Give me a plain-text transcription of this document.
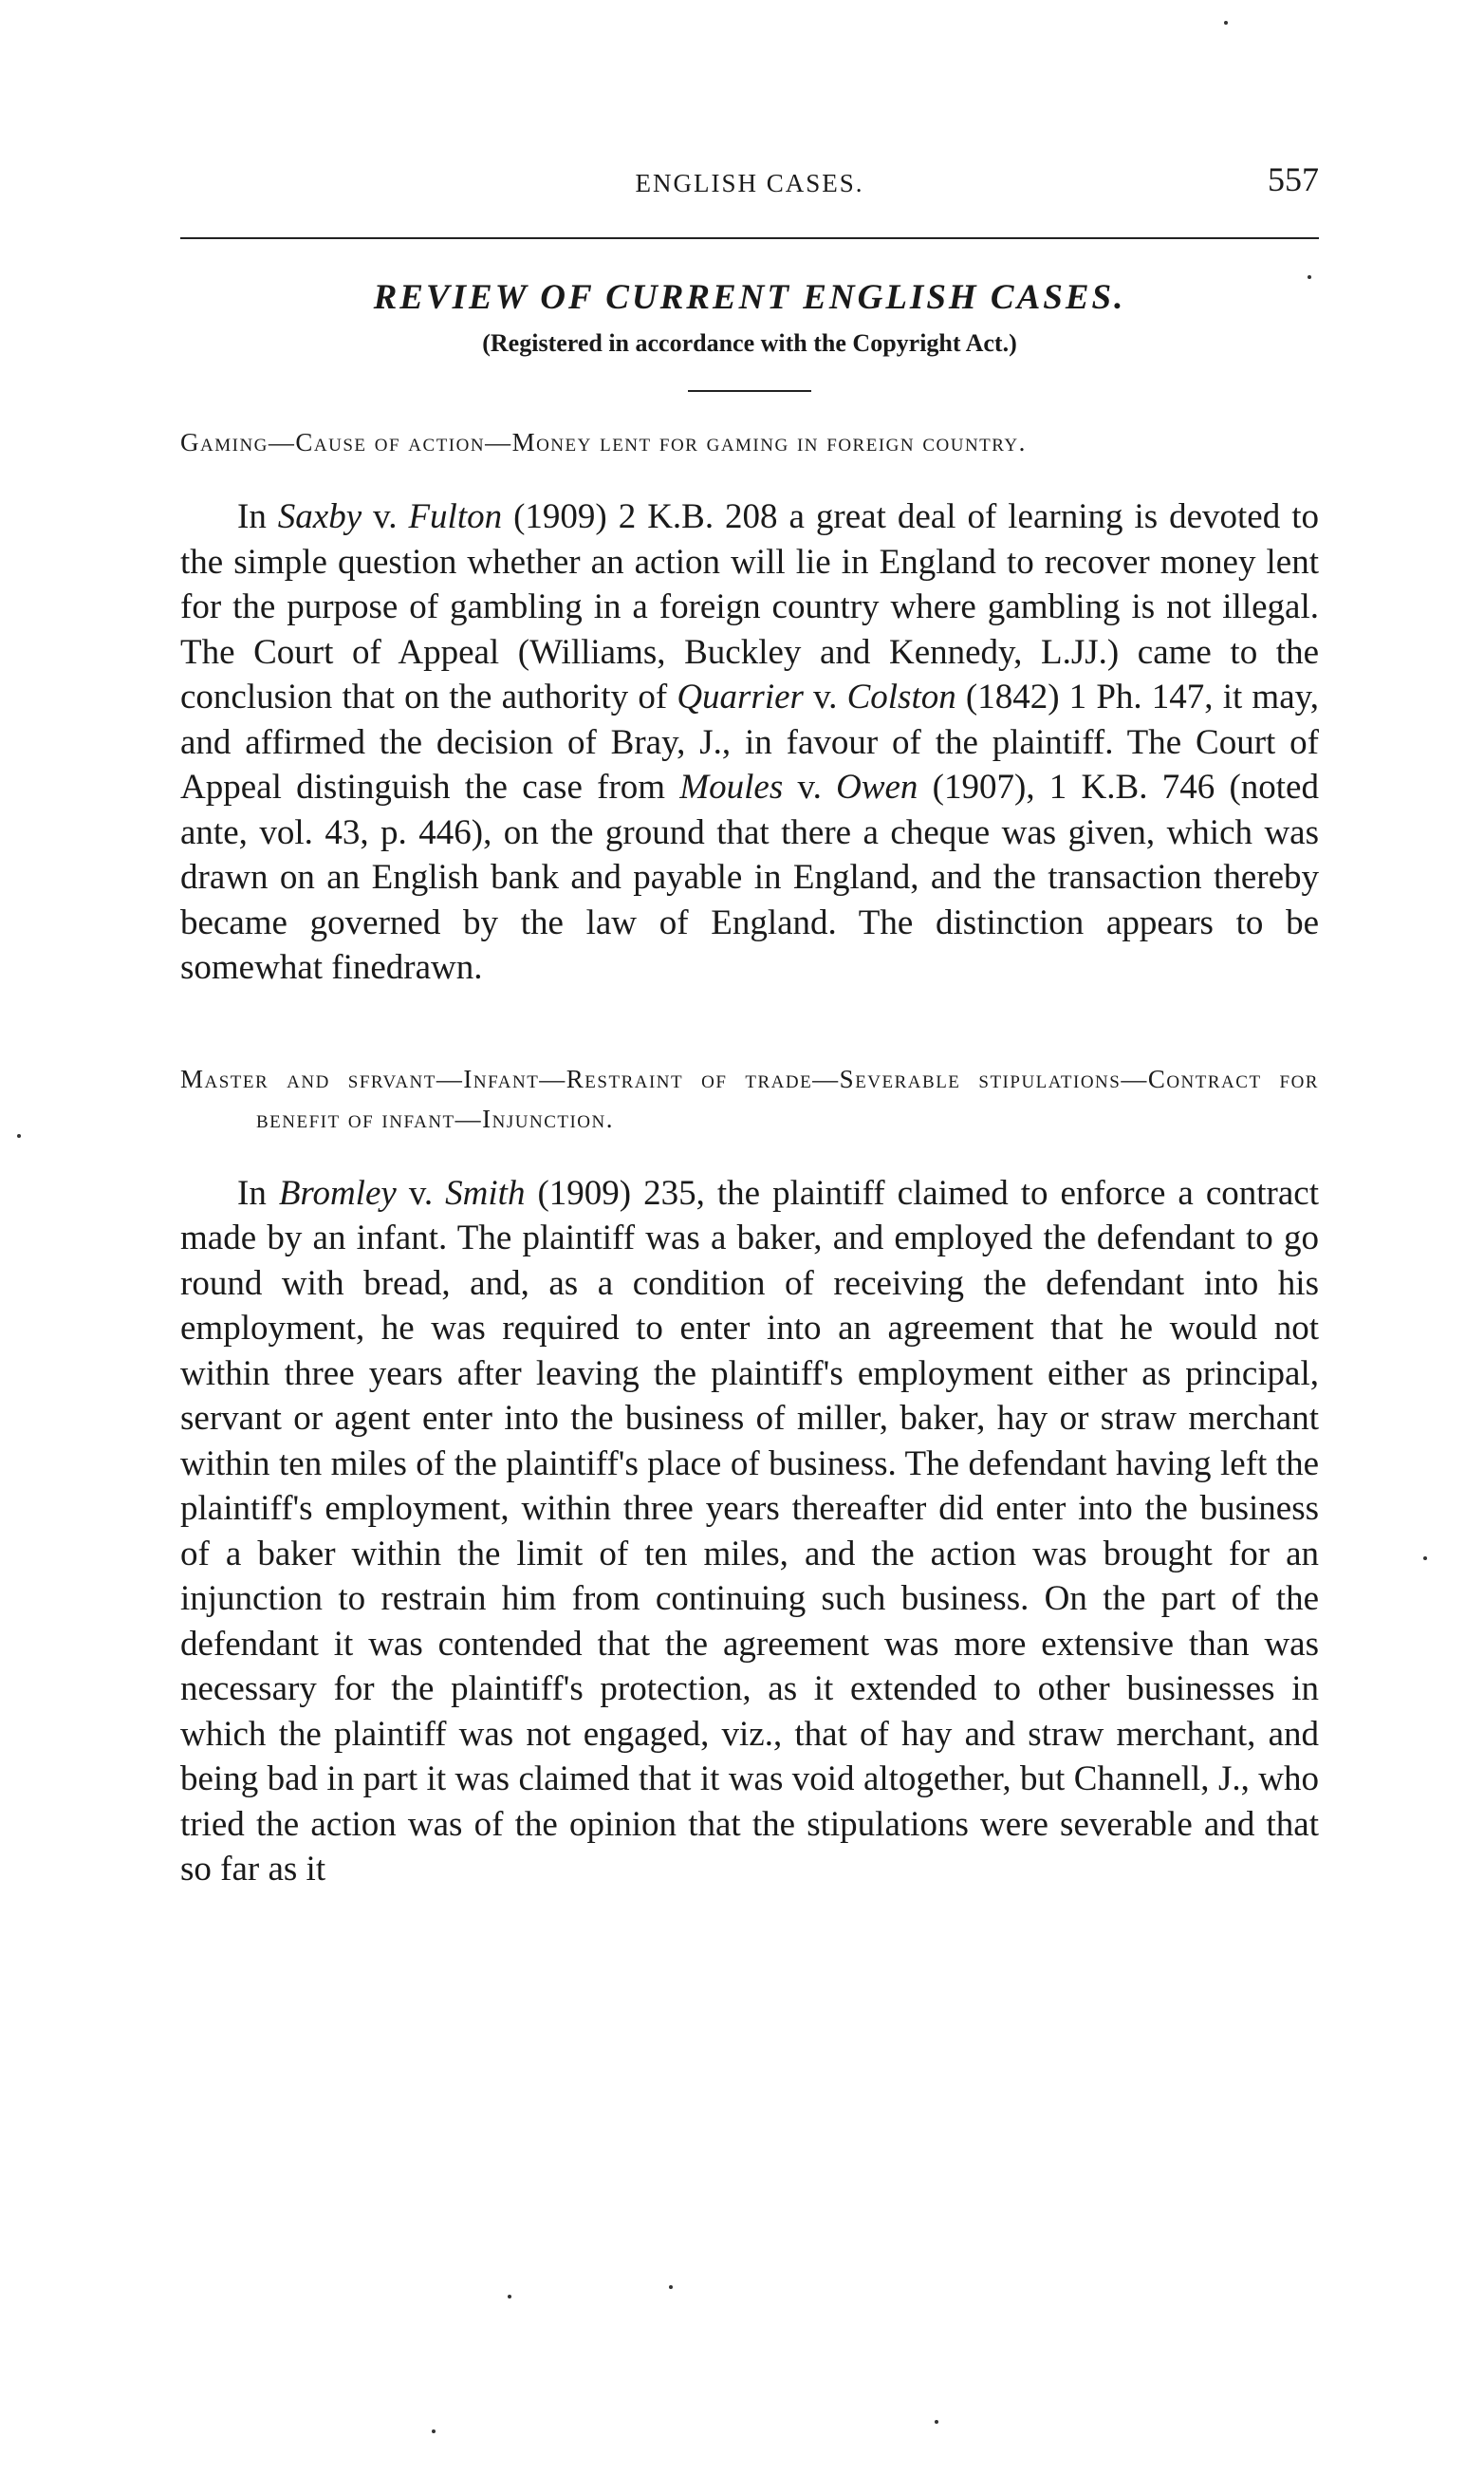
ENGLISH CASES.	557
REVIEW OF CURRENT ENGLISH CASES.
(Registered in accordance with the Copyright Act.)
Gaming—Cause of action—Money lent for gaming in foreign country.
In Saxby v. Fulton (1909) 2 K.B. 208 a great deal of learning is devoted to the simple question whether an action will lie in England to recover money lent for the purpose of gambling in a foreign country where gambling is not illegal. The Court of Appeal (Williams, Buckley and Kennedy, L.JJ.) came to the conclusion that on the authority of Quarrier v. Colston (1842) 1 Ph. 147, it may, and affirmed the decision of Bray, J., in favour of the plaintiff. The Court of Appeal distinguish the case from Moules v. Owen (1907), 1 K.B. 746 (noted ante, vol. 43, p. 446), on the ground that there a cheque was given, which was drawn on an English bank and payable in England, and the transaction thereby became governed by the law of England. The distinction appears to be somewhat finedrawn.
Master and sfrvant—Infant—Restraint of trade—Severable stipulations—Contract for benefit of infant—Injunction.
In Bromley v. Smith (1909) 235, the plaintiff claimed to enforce a contract made by an infant. The plaintiff was a baker, and employed the defendant to go round with bread, and, as a condition of receiving the defendant into his employment, he was required to enter into an agreement that he would not within three years after leaving the plaintiff's employment either as principal, servant or agent enter into the business of miller, baker, hay or straw merchant within ten miles of the plaintiff's place of business. The defendant having left the plaintiff's employment, within three years thereafter did enter into the business of a baker within the limit of ten miles, and the action was brought for an injunction to restrain him from continuing such business. On the part of the defendant it was contended that the agreement was more extensive than was necessary for the plaintiff's protection, as it extended to other businesses in which the plaintiff was not engaged, viz., that of hay and straw merchant, and being bad in part it was claimed that it was void altogether, but Channell, J., who tried the action was of the opinion that the stipulations were severable and that so far as it
